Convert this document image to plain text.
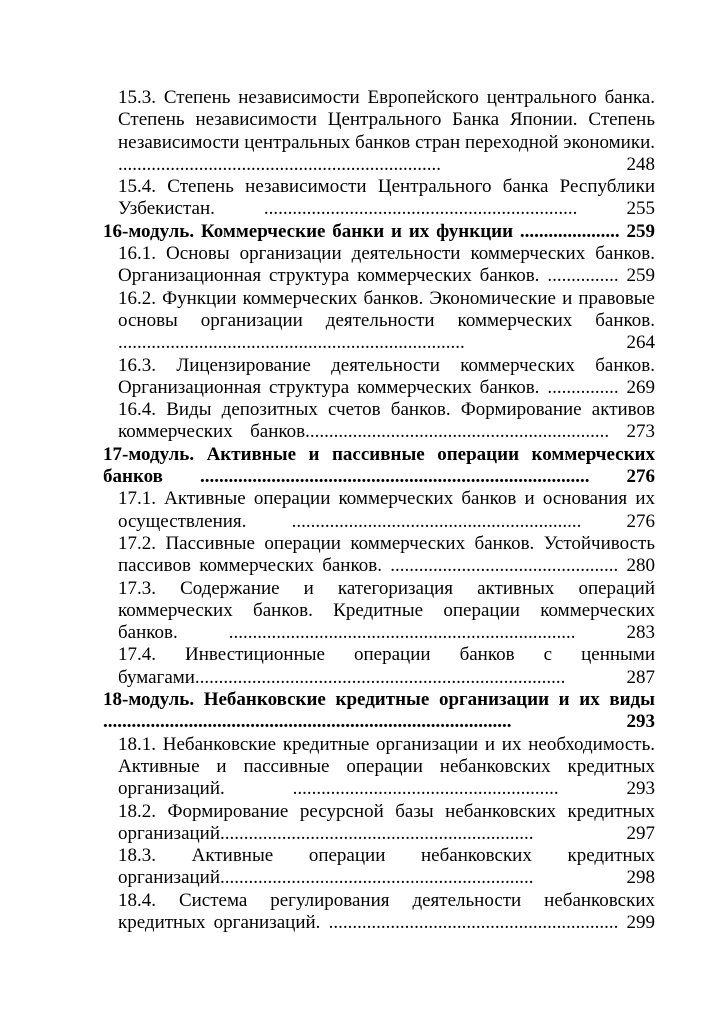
15.3. Степень независимости Европейского центрального банка. Степень независимости Центрального Банка Японии. Степень независимости центральных банков стран переходной экономики. .................................................................... 248

15.4. Степень независимости Центрального банка Республики Узбекистан. .................................................................. 255

16-модуль. Коммерческие банки и их функции ..................... 259

16.1. Основы организации деятельности коммерческих банков. Организационная структура коммерческих банков. ............... 259

16.2. Функции коммерческих банков. Экономические и правовые основы организации деятельности коммерческих банков. ......................................................................... 264

16.3. Лицензирование деятельности коммерческих банков. Организационная структура коммерческих банков. ............... 269

16.4. Виды депозитных счетов банков. Формирование активов коммерческих банков................................................................ 273

17-модуль. Активные и пассивные операции коммерческих банков .................................................................................. 276

17.1. Активные операции коммерческих банков и основания их осуществления. ............................................................. 276

17.2. Пассивные операции коммерческих банков. Устойчивость пассивов коммерческих банков. ................................................ 280

17.3. Содержание и категоризация активных операций коммерческих банков. Кредитные операции коммерческих банков. ......................................................................... 283

17.4. Инвестиционные операции банков с ценными бумагами.............................................................................. 287

18-модуль. Небанковские кредитные организации и их виды ...................................................................................... 293

18.1. Небанковские кредитные организации и их необходимость. Активные и пассивные операции небанковских кредитных организаций. ........................................................ 293

18.2. Формирование ресурсной базы небанковских кредитных организаций.................................................................. 297

18.3. Активные операции небанковских кредитных организаций.................................................................. 298

18.4. Система регулирования деятельности небанковских кредитных организаций. ............................................................. 299
